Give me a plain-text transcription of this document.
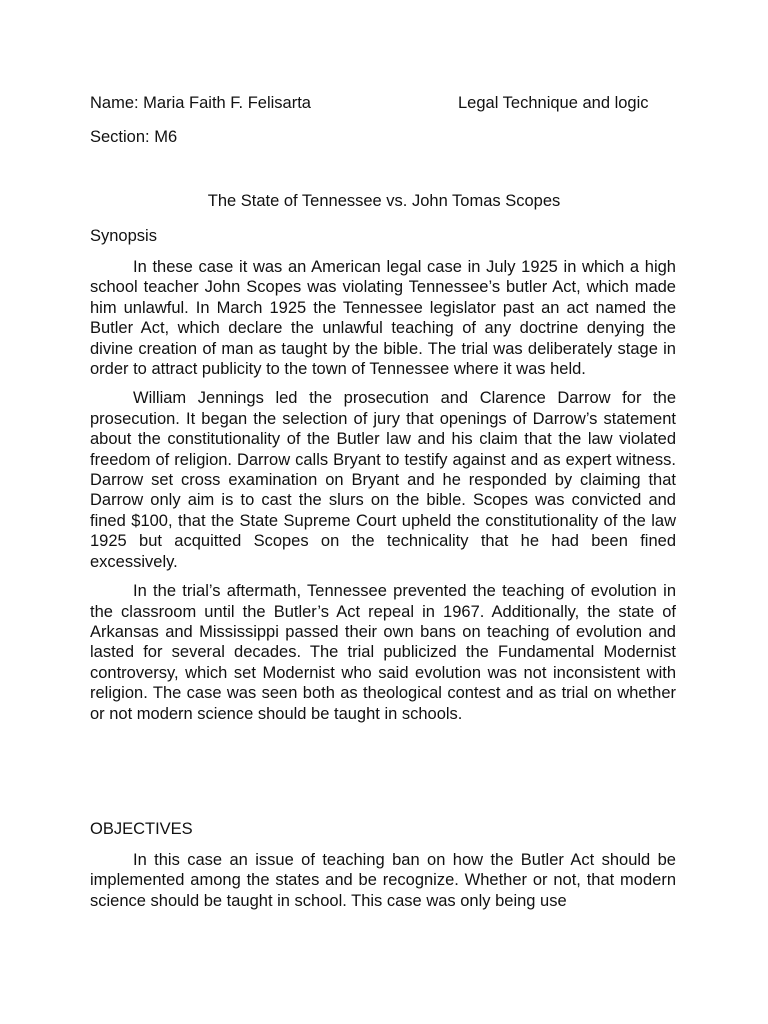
Name: Maria Faith F. Felisarta	Legal Technique and logic
Section: M6
The State of Tennessee vs. John Tomas Scopes
Synopsis

In these case it was an American legal case in July 1925 in which a high school teacher John Scopes was violating Tennessee’s butler Act, which made him unlawful. In March 1925 the Tennessee legislator past an act named the Butler Act, which declare the unlawful teaching of any doctrine denying the divine creation of man as taught by the bible. The trial was deliberately stage in order to attract publicity to the town of Tennessee where it was held.

William Jennings led the prosecution and Clarence Darrow for the prosecution. It began the selection of jury that openings of Darrow’s statement about the constitutionality of the Butler law and his claim that the law violated freedom of religion. Darrow calls Bryant to testify against and as expert witness. Darrow set cross examination on Bryant and he responded by claiming that Darrow only aim is to cast the slurs on the bible. Scopes was convicted and fined $100, that the State Supreme Court upheld the constitutionality of the law 1925 but acquitted Scopes on the technicality that he had been fined excessively.

In the trial’s aftermath, Tennessee prevented the teaching of evolution in the classroom until the Butler’s Act repeal in 1967. Additionally, the state of Arkansas and Mississippi passed their own bans on teaching of evolution and lasted for several decades. The trial publicized the Fundamental Modernist controversy, which set Modernist who said evolution was not inconsistent with religion. The case was seen both as theological contest and as trial on whether or not modern science should be taught in schools.

OBJECTIVES

In this case an issue of teaching ban on how the Butler Act should be implemented among the states and be recognize. Whether or not, that modern science should be taught in school. This case was only being use
